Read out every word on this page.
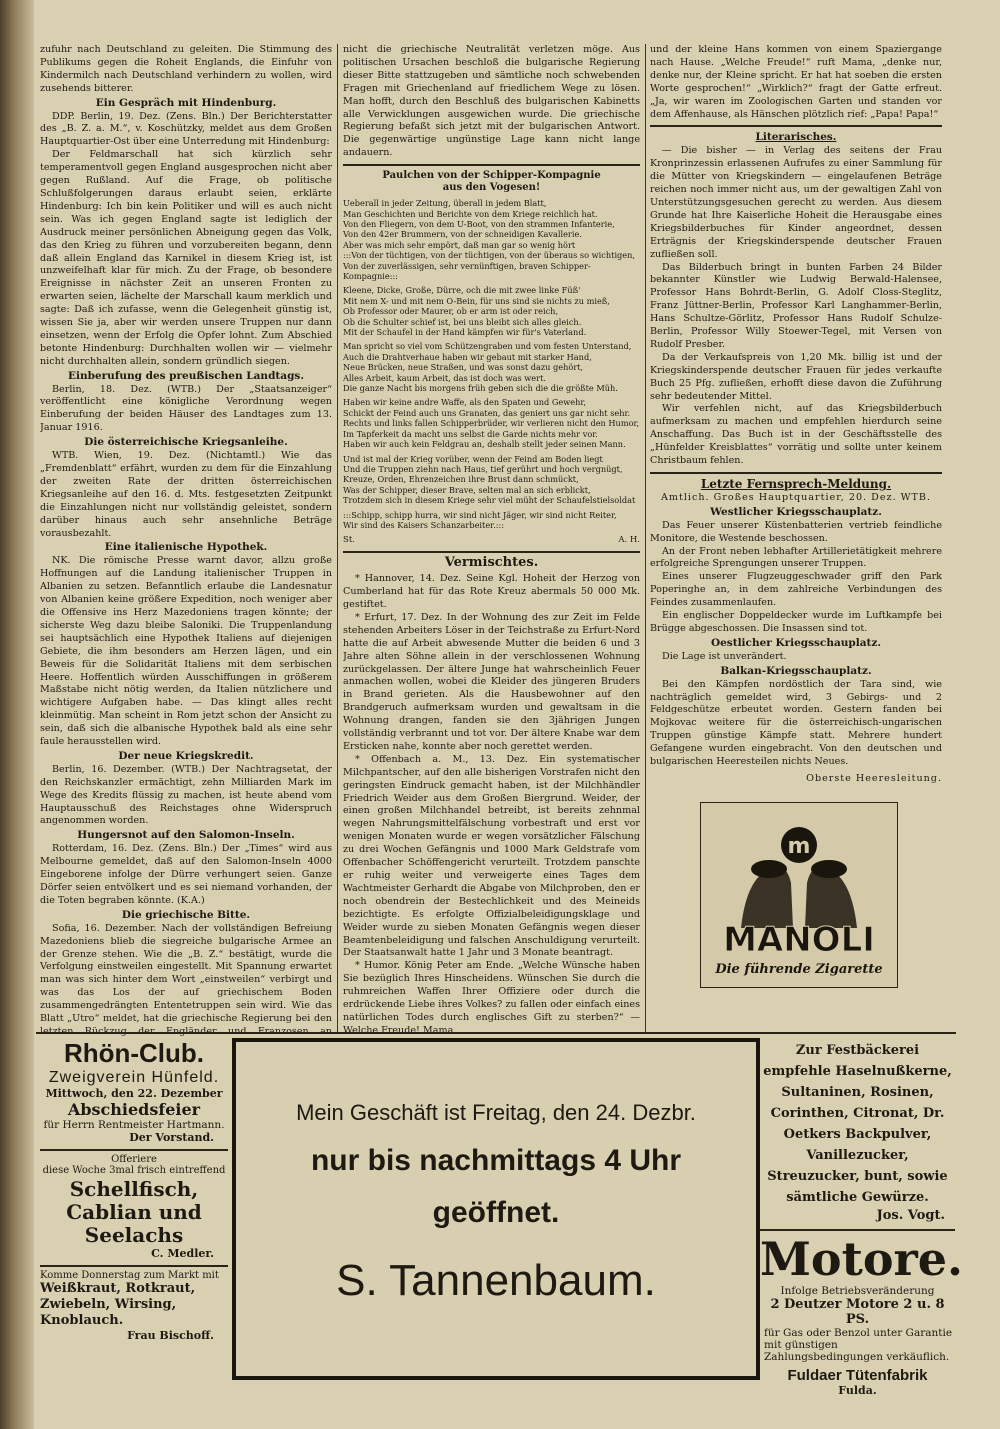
zufuhr nach Deutschland zu geleiten. Die Stimmung des Publikums gegen die Roheit Englands, die Einfuhr von Kindermilch nach Deutschland verhindern zu wollen, wird zusehends bitterer.

Ein Gespräch mit Hindenburg.

DDP. Berlin, 19. Dez. (Zens. Bln.) Der Berichterstatter des „B. Z. a. M.“, v. Koschützky, meldet aus dem Großen Hauptquartier-Ost über eine Unterredung mit Hindenburg:

Der Feldmarschall hat sich kürzlich sehr temperamentvoll gegen England ausgesprochen nicht aber gegen Rußland. Auf die Frage, ob politische Schlußfolgerungen daraus erlaubt seien, erklärte Hindenburg: Ich bin kein Politiker und will es auch nicht sein. Was ich gegen England sagte ist lediglich der Ausdruck meiner persönlichen Abneigung gegen das Volk, das den Krieg zu führen und vorzubereiten begann, denn daß allein England das Karnikel in diesem Krieg ist, ist unzweifelhaft klar für mich. Zu der Frage, ob besondere Ereignisse in nächster Zeit an unseren Fronten zu erwarten seien, lächelte der Marschall kaum merklich und sagte: Daß ich zufasse, wenn die Gelegenheit günstig ist, wissen Sie ja, aber wir werden unsere Truppen nur dann einsetzen, wenn der Erfolg die Opfer lohnt. Zum Abschied betonte Hindenburg: Durchhalten wollen wir — vielmehr nicht durchhalten allein, sondern gründlich siegen.

Einberufung des preußischen Landtags.

Berlin, 18. Dez. (WTB.) Der „Staatsanzeiger“ veröffentlicht eine königliche Verordnung wegen Einberufung der beiden Häuser des Landtages zum 13. Januar 1916.

Die österreichische Kriegsanleihe.

WTB. Wien, 19. Dez. (Nichtamtl.) Wie das „Fremdenblatt“ erfährt, wurden zu dem für die Einzahlung der zweiten Rate der dritten österreichischen Kriegsanleihe auf den 16. d. Mts. festgesetzten Zeitpunkt die Einzahlungen nicht nur vollständig geleistet, sondern darüber hinaus auch sehr ansehnliche Beträge vorausbezahlt.

Eine italienische Hypothek.

NK. Die römische Presse warnt davor, allzu große Hoffnungen auf die Landung italienischer Truppen in Albanien zu setzen. Befanntlich erlaube die Landesnatur von Albanien keine größere Expedition, noch weniger aber die Offensive ins Herz Mazedoniens tragen könnte; der sicherste Weg dazu bleibe Saloniki. Die Truppenlandung sei hauptsächlich eine Hypothek Italiens auf diejenigen Gebiete, die ihm besonders am Herzen lägen, und ein Beweis für die Solidarität Italiens mit dem serbischen Heere. Hoffentlich würden Ausschiffungen in größerem Maßstabe nicht nötig werden, da Italien nützlichere und wichtigere Aufgaben habe. — Das klingt alles recht kleinmütig. Man scheint in Rom jetzt schon der Ansicht zu sein, daß sich die albanische Hypothek bald als eine sehr faule herausstellen wird.

Der neue Kriegskredit.

Berlin, 16. Dezember. (WTB.) Der Nachtragsetat, der den Reichskanzler ermächtigt, zehn Milliarden Mark im Wege des Kredits flüssig zu machen, ist heute abend vom Hauptausschuß des Reichstages ohne Widerspruch angenommen worden.

Hungersnot auf den Salomon-Inseln.

Rotterdam, 16. Dez. (Zens. Bln.) Der „Times“ wird aus Melbourne gemeldet, daß auf den Salomon-Inseln 4000 Eingeborene infolge der Dürre verhungert seien. Ganze Dörfer seien entvölkert und es sei niemand vorhanden, der die Toten begraben könnte. (K.A.)

Die griechische Bitte.

Sofia, 16. Dezember. Nach der vollständigen Befreiung Mazedoniens blieb die siegreiche bulgarische Armee an der Grenze stehen. Wie die „B. Z.“ bestätigt, wurde die Verfolgung einstweilen eingestellt. Mit Spannung erwartet man was sich hinter dem Wort „einstweilen“ verbirgt und was das Los der auf griechischem Boden zusammengedrängten Ententetruppen sein wird. Wie das Blatt „Utro“ meldet, hat die griechische Regierung bei den letzten Rückzug der Engländer und Franzosen an

nicht die griechische Neutralität verletzen möge. Aus politischen Ursachen beschloß die bulgarische Regierung dieser Bitte stattzugeben und sämtliche noch schwebenden Fragen mit Griechenland auf friedlichem Wege zu lösen. Man hofft, durch den Beschluß des bulgarischen Kabinetts alle Verwicklungen ausgewichen wurde. Die griechische Regierung befaßt sich jetzt mit der bulgarischen Antwort. Die gegenwärtige ungünstige Lage kann nicht lange andauern.

Paulchen von der Schipper-Kompagnie
aus den Vogesen!
Ueberall in jeder Zeitung, überall in jedem Blatt,
Man Geschichten und Berichte von dem Kriege reichlich hat.
Von den Fliegern, von dem U-Boot, von den strammen Infanterie,
Von den 42er Brummern, von der schneidigen Kavallerie.
Aber was mich sehr empört, daß man gar so wenig hört
:::Von der tüchtigen, von der tüchtigen, von der überaus so wichtigen,
Von der zuverlässigen, sehr vernünftigen, braven Schipper-Kompagnie:::
Kleene, Dicke, Große, Dürre, och die mit zwee linke Füß'
Mit nem X- und mit nem O-Bein, für uns sind sie nichts zu mieß,
Ob Professor oder Maurer, ob er arm ist oder reich,
Ob die Schulter schief ist, bei uns bleibt sich alles gleich.
Mit der Schaufel in der Hand kämpfen wir für's Vaterland.
Man spricht so viel vom Schützengraben und vom festen Unterstand,
Auch die Drahtverhaue haben wir gebaut mit starker Hand,
Neue Brücken, neue Straßen, und was sonst dazu gehört,
Alles Arbeit, kaum Arbeit, das ist doch was wert.
Die ganze Nacht bis morgens früh geben sich die die größte Müh.
Haben wir keine andre Waffe, als den Spaten und Gewehr,
Schickt der Feind auch uns Granaten, das geniert uns gar nicht sehr.
Rechts und links fallen Schipperbrüder, wir verlieren nicht den Humor,
Im Tapferkeit da macht uns selbst die Garde nichts mehr vor.
Haben wir auch kein Feldgrau an, deshalb stellt jeder seinen Mann.
Und ist mal der Krieg vorüber, wenn der Feind am Boden liegt
Und die Truppen ziehn nach Haus, tief gerührt und hoch vergnügt,
Kreuze, Orden, Ehrenzeichen ihre Brust dann schmückt,
Was der Schipper, dieser Brave, selten mal an sich erblickt,
Trotzdem sich in diesem Kriege sehr viel müht der Schaufelstielsoldat
:::Schipp, schipp hurra, wir sind nicht Jäger, wir sind nicht Reiter,
Wir sind des Kaisers Schanzarbeiter.:::
St.	A. H.
Vermischtes.

* Hannover, 14. Dez. Seine Kgl. Hoheit der Herzog von Cumberland hat für das Rote Kreuz abermals 50 000 Mk. gestiftet.

* Erfurt, 17. Dez. In der Wohnung des zur Zeit im Felde stehenden Arbeiters Löser in der Teichstraße zu Erfurt-Nord hatte die auf Arbeit abwesende Mutter die beiden 6 und 3 Jahre alten Söhne allein in der verschlossenen Wohnung zurückgelassen. Der ältere Junge hat wahrscheinlich Feuer anmachen wollen, wobei die Kleider des jüngeren Bruders in Brand gerieten. Als die Hausbewohner auf den Brandgeruch aufmerksam wurden und gewaltsam in die Wohnung drangen, fanden sie den 3jährigen Jungen vollständig verbrannt und tot vor. Der ältere Knabe war dem Ersticken nahe, konnte aber noch gerettet werden.

* Offenbach a. M., 13. Dez. Ein systematischer Milchpantscher, auf den alle bisherigen Vorstrafen nicht den geringsten Eindruck gemacht haben, ist der Milchhändler Friedrich Weider aus dem Großen Biergrund. Weider, der einen großen Milchhandel betreibt, ist bereits zehnmal wegen Nahrungsmittelfälschung vorbestraft und erst vor wenigen Monaten wurde er wegen vorsätzlicher Fälschung zu drei Wochen Gefängnis und 1000 Mark Geldstrafe vom Offenbacher Schöffengericht verurteilt. Trotzdem panschte er ruhig weiter und verweigerte eines Tages dem Wachtmeister Gerhardt die Abgabe von Milchproben, den er noch obendrein der Bestechlichkeit und des Meineids bezichtigte. Es erfolgte Offizialbeleidigungsklage und Weider wurde zu sieben Monaten Gefängnis wegen dieser Beamtenbeleidigung und falschen Anschuldigung verurteilt. Der Staatsanwalt hatte 1 Jahr und 3 Monate beantragt.

* Humor. König Peter am Ende. „Welche Wünsche haben Sie bezüglich Ihres Hinscheidens. Wünschen Sie durch die ruhmreichen Waffen Ihrer Offiziere oder durch die erdrückende Liebe ihres Volkes? zu fallen oder einfach eines natürlichen Todes durch englisches Gift zu sterben?“ — Welche Freude! Mama

und der kleine Hans kommen von einem Spaziergange nach Hause. „Welche Freude!“ ruft Mama, „denke nur, denke nur, der Kleine spricht. Er hat hat soeben die ersten Worte gesprochen!“ „Wirklich?“ fragt der Gatte erfreut. „Ja, wir waren im Zoologischen Garten und standen vor dem Affenhause, als Hänschen plötzlich rief: „Papa! Papa!“

Literarisches.

— Die bisher — in Verlag des seitens der Frau Kronprinzessin erlassenen Aufrufes zu einer Sammlung für die Mütter von Kriegskindern — eingelaufenen Beträge reichen noch immer nicht aus, um der gewaltigen Zahl von Unterstützungsgesuchen gerecht zu werden. Aus diesem Grunde hat Ihre Kaiserliche Hoheit die Herausgabe eines Kriegsbilderbuches für Kinder angeordnet, dessen Erträgnis der Kriegskinderspende deutscher Frauen zufließen soll.

Das Bilderbuch bringt in bunten Farben 24 Bilder bekannter Künstler wie Ludwig Berwald-Halensee, Professor Hans Bohrdt-Berlin, G. Adolf Closs-Steglitz, Franz Jüttner-Berlin, Professor Karl Langhammer-Berlin, Hans Schultze-Görlitz, Professor Hans Rudolf Schulze-Berlin, Professor Willy Stoewer-Tegel, mit Versen von Rudolf Presber.

Da der Verkaufspreis von 1,20 Mk. billig ist und der Kriegskinderspende deutscher Frauen für jedes verkaufte Buch 25 Pfg. zufließen, erhofft diese davon die Zuführung sehr bedeutender Mittel.

Wir verfehlen nicht, auf das Kriegsbilderbuch aufmerksam zu machen und empfehlen hierdurch seine Anschaffung. Das Buch ist in der Geschäftsstelle des „Hünfelder Kreisblattes“ vorrätig und sollte unter keinem Christbaum fehlen.

Letzte Fernsprech-Meldung.

Amtlich. Großes Hauptquartier, 20. Dez. WTB.

Westlicher Kriegsschauplatz.

Das Feuer unserer Küstenbatterien vertrieb feindliche Monitore, die Westende beschossen.

An der Front neben lebhafter Artillerietätigkeit mehrere erfolgreiche Sprengungen unserer Truppen.

Eines unserer Flugzeuggeschwader griff den Park Poperinghe an, in dem zahlreiche Verbindungen des Feindes zusammenlaufen.

Ein englischer Doppeldecker wurde im Luftkampfe bei Brügge abgeschossen. Die Insassen sind tot.

Oestlicher Kriegsschauplatz.

Die Lage ist unverändert.

Balkan-Kriegsschauplatz.

Bei den Kämpfen nordöstlich der Tara sind, wie nachträglich gemeldet wird, 3 Gebirgs- und 2 Feldgeschütze erbeutet worden. Gestern fanden bei Mojkovac weitere für die österreichisch-ungarischen Truppen günstige Kämpfe statt. Mehrere hundert Gefangene wurden eingebracht. Von den deutschen und bulgarischen Heeresteilen nichts Neues.

Oberste Heeresleitung.

m
MANOLI
Die führende Zigarette
Rhön-Club.
Zweigverein Hünfeld.
Mittwoch, den 22. Dezember
Abschiedsfeier
für Herrn Rentmeister Hartmann.
Der Vorstand.
Offeriere
diese Woche 3mal frisch eintreffend
Schellfisch,
Cablian und
Seelachs
C. Medler.
Komme Donnerstag zum Markt mit
Weißkraut, Rotkraut, Zwiebeln, Wirsing, Knoblauch.
Frau Bischoff.
Mein Geschäft ist Freitag, den 24. Dezbr.
nur bis nachmittags 4 Uhr
geöffnet.
S. Tannenbaum.
Zur Festbäckerei empfehle Haselnußkerne, Sultaninen, Rosinen, Corinthen, Citronat, Dr. Oetkers Backpulver, Vanillezucker, Streuzucker, bunt, sowie sämtliche Gewürze.
Jos. Vogt.
Motore.
Infolge Betriebsveränderung
2 Deutzer Motore 2 u. 8 PS.
für Gas oder Benzol unter Garantie mit günstigen Zahlungsbedingungen verkäuflich.
Fuldaer Tütenfabrik
Fulda.
